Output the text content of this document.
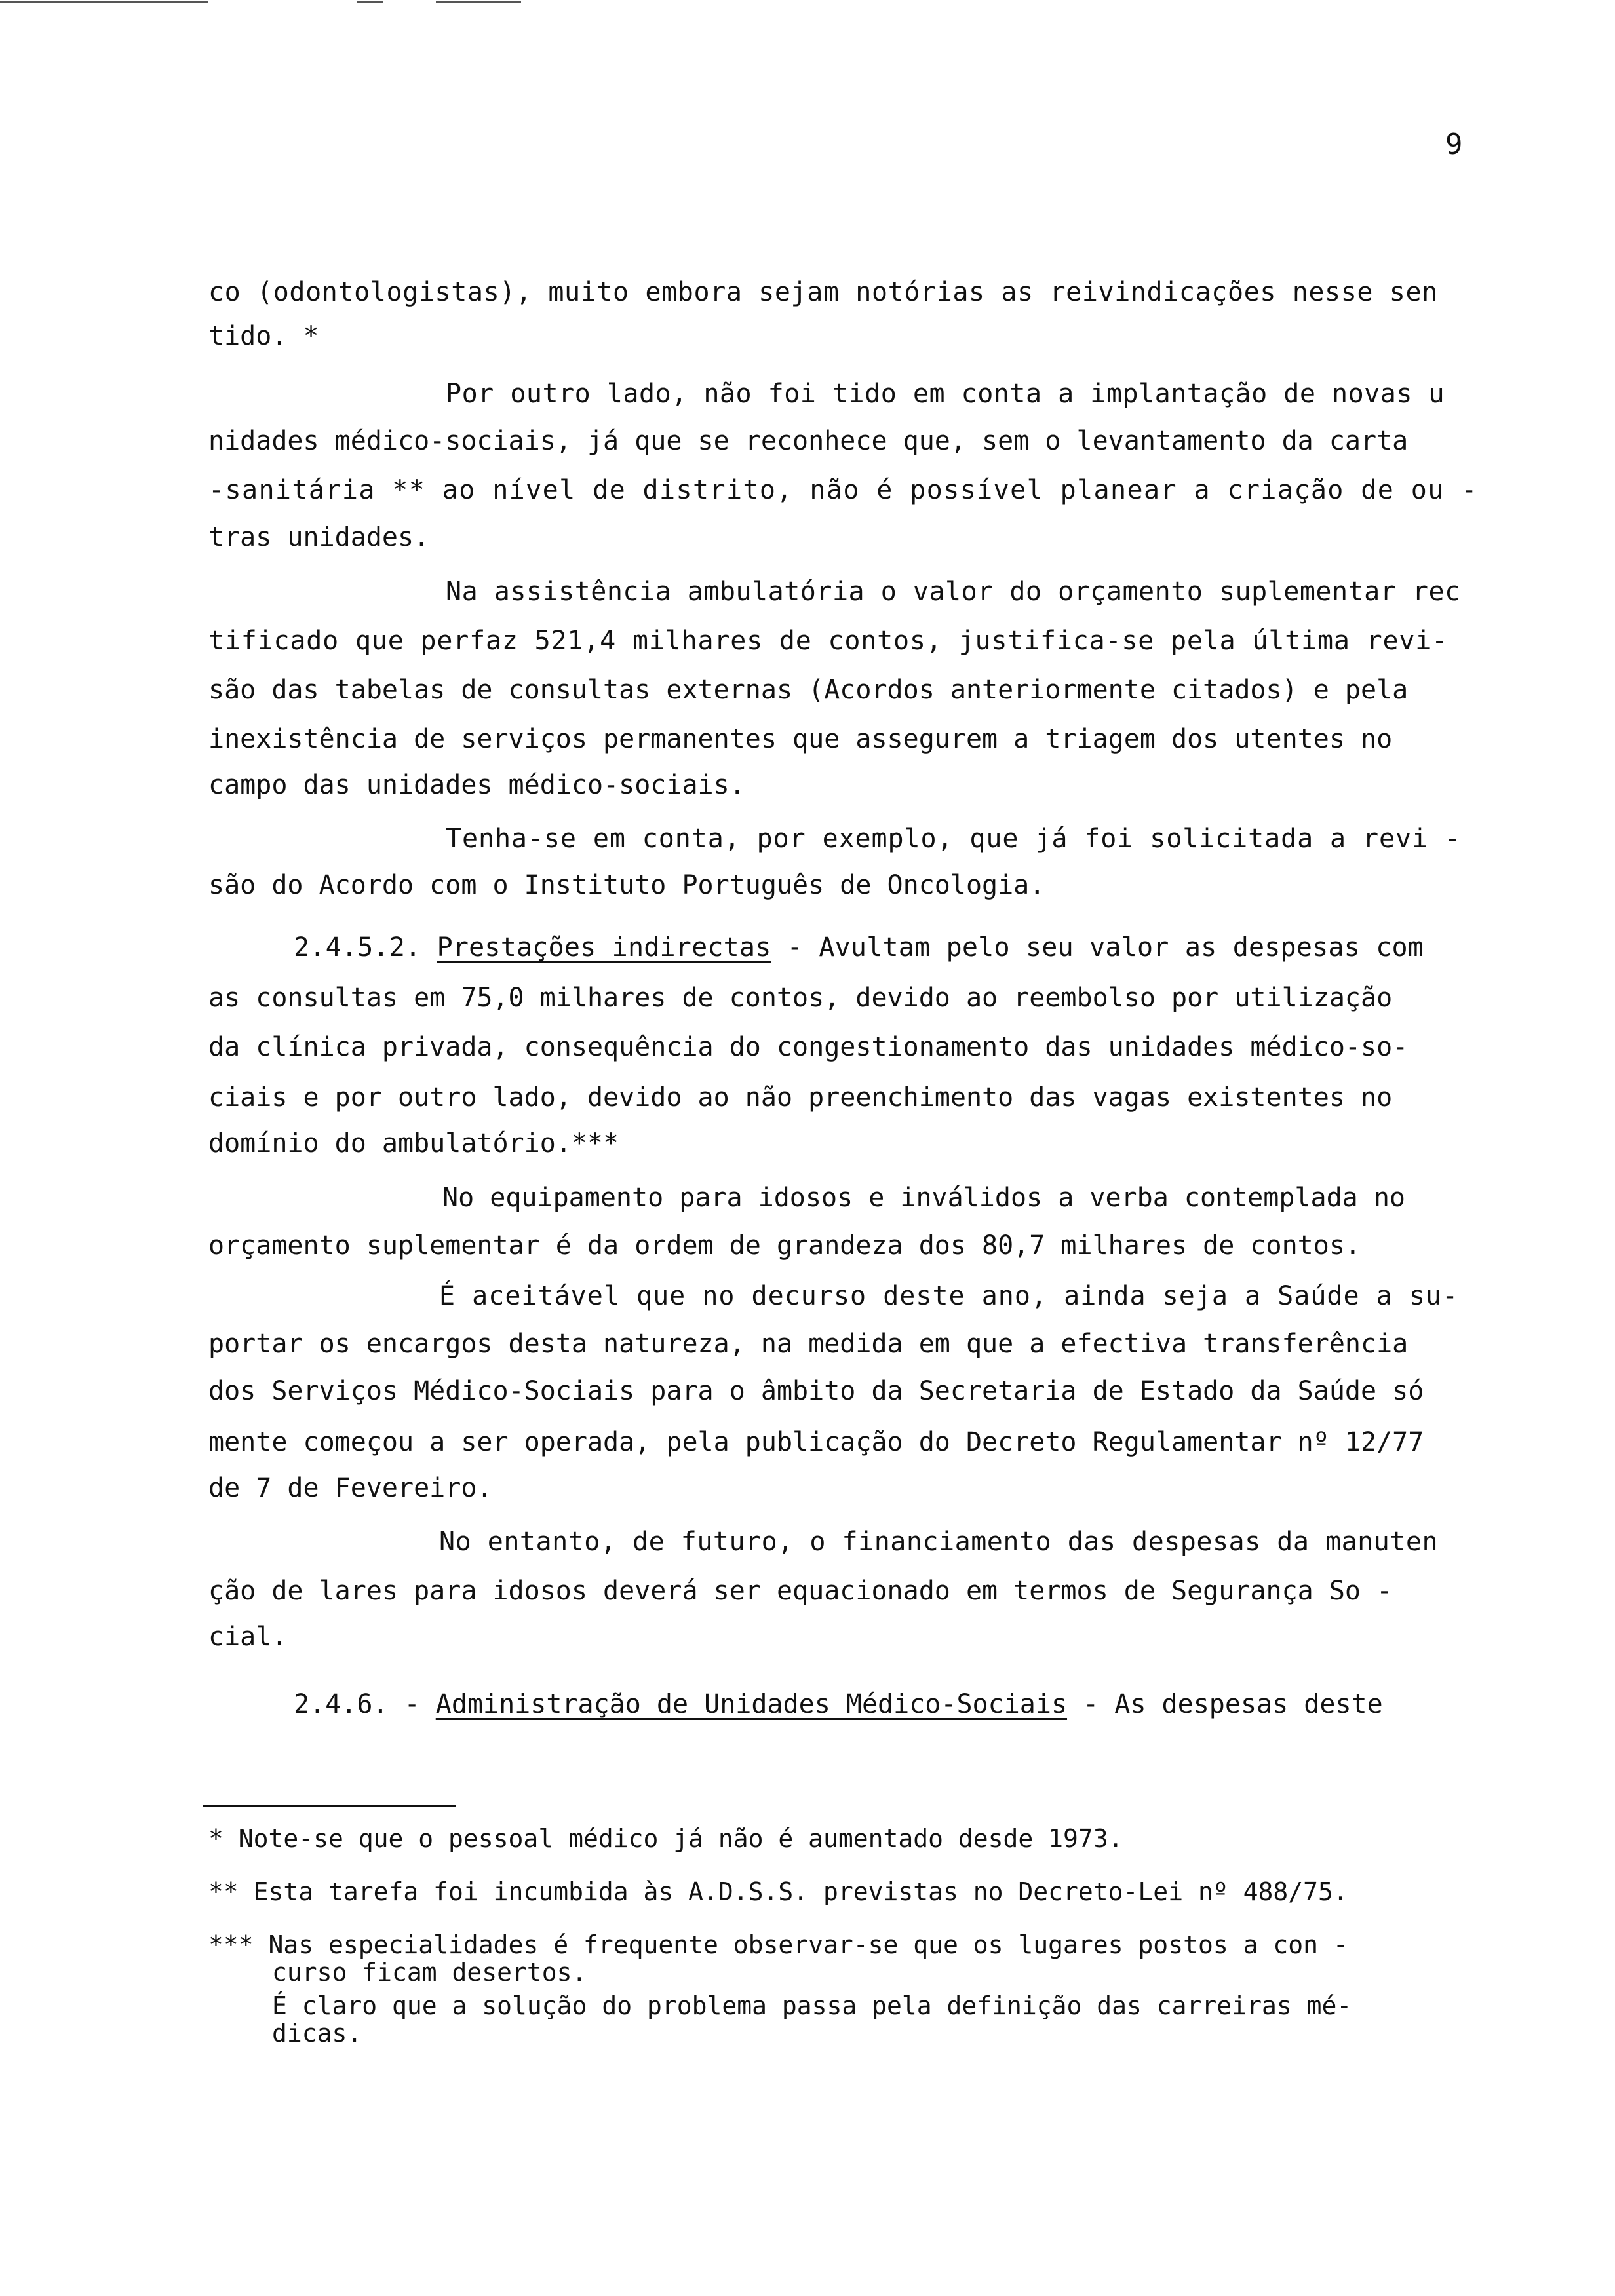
9
co (odontologistas), muito embora sejam notórias as reivindicações nesse sen
tido. *
Por outro lado, não foi tido em conta a implantação de novas u
nidades médico-sociais, já que se reconhece que, sem o levantamento da carta
-sanitária ** ao nível de distrito, não é possível planear a criação de ou -
tras unidades.
Na assistência ambulatória o valor do orçamento suplementar rec
tificado que perfaz 521,4 milhares de contos, justifica-se pela última revi-
são das tabelas de consultas externas (Acordos anteriormente citados) e pela
inexistência de serviços permanentes que assegurem a triagem dos utentes no
campo das unidades médico-sociais.
Tenha-se em conta, por exemplo, que já foi solicitada a revi -
são do Acordo com o Instituto Português de Oncologia.
2.4.5.2. Prestações indirectas - Avultam pelo seu valor as despesas com
as consultas em 75,0 milhares de contos, devido ao reembolso por utilização
da clínica privada, consequência do congestionamento das unidades médico-so-
ciais e por outro lado, devido ao não preenchimento das vagas existentes no
domínio do ambulatório.***
No equipamento para idosos e inválidos a verba contemplada no
orçamento suplementar é da ordem de grandeza dos 80,7 milhares de contos.
É aceitável que no decurso deste ano, ainda seja a Saúde a su-
portar os encargos desta natureza, na medida em que a efectiva transferência
dos Serviços Médico-Sociais para o âmbito da Secretaria de Estado da Saúde só
mente começou a ser operada, pela publicação do Decreto Regulamentar nº 12/77
de 7 de Fevereiro.
No entanto, de futuro, o financiamento das despesas da manuten
ção de lares para idosos deverá ser equacionado em termos de Segurança So -
cial.
2.4.6. - Administração de Unidades Médico-Sociais - As despesas deste
* Note-se que o pessoal médico já não é aumentado desde 1973.
** Esta tarefa foi incumbida às A.D.S.S. previstas no Decreto-Lei nº 488/75.
*** Nas especialidades é frequente observar-se que os lugares postos a con -
curso ficam desertos.
É claro que a solução do problema passa pela definição das carreiras mé-
dicas.
